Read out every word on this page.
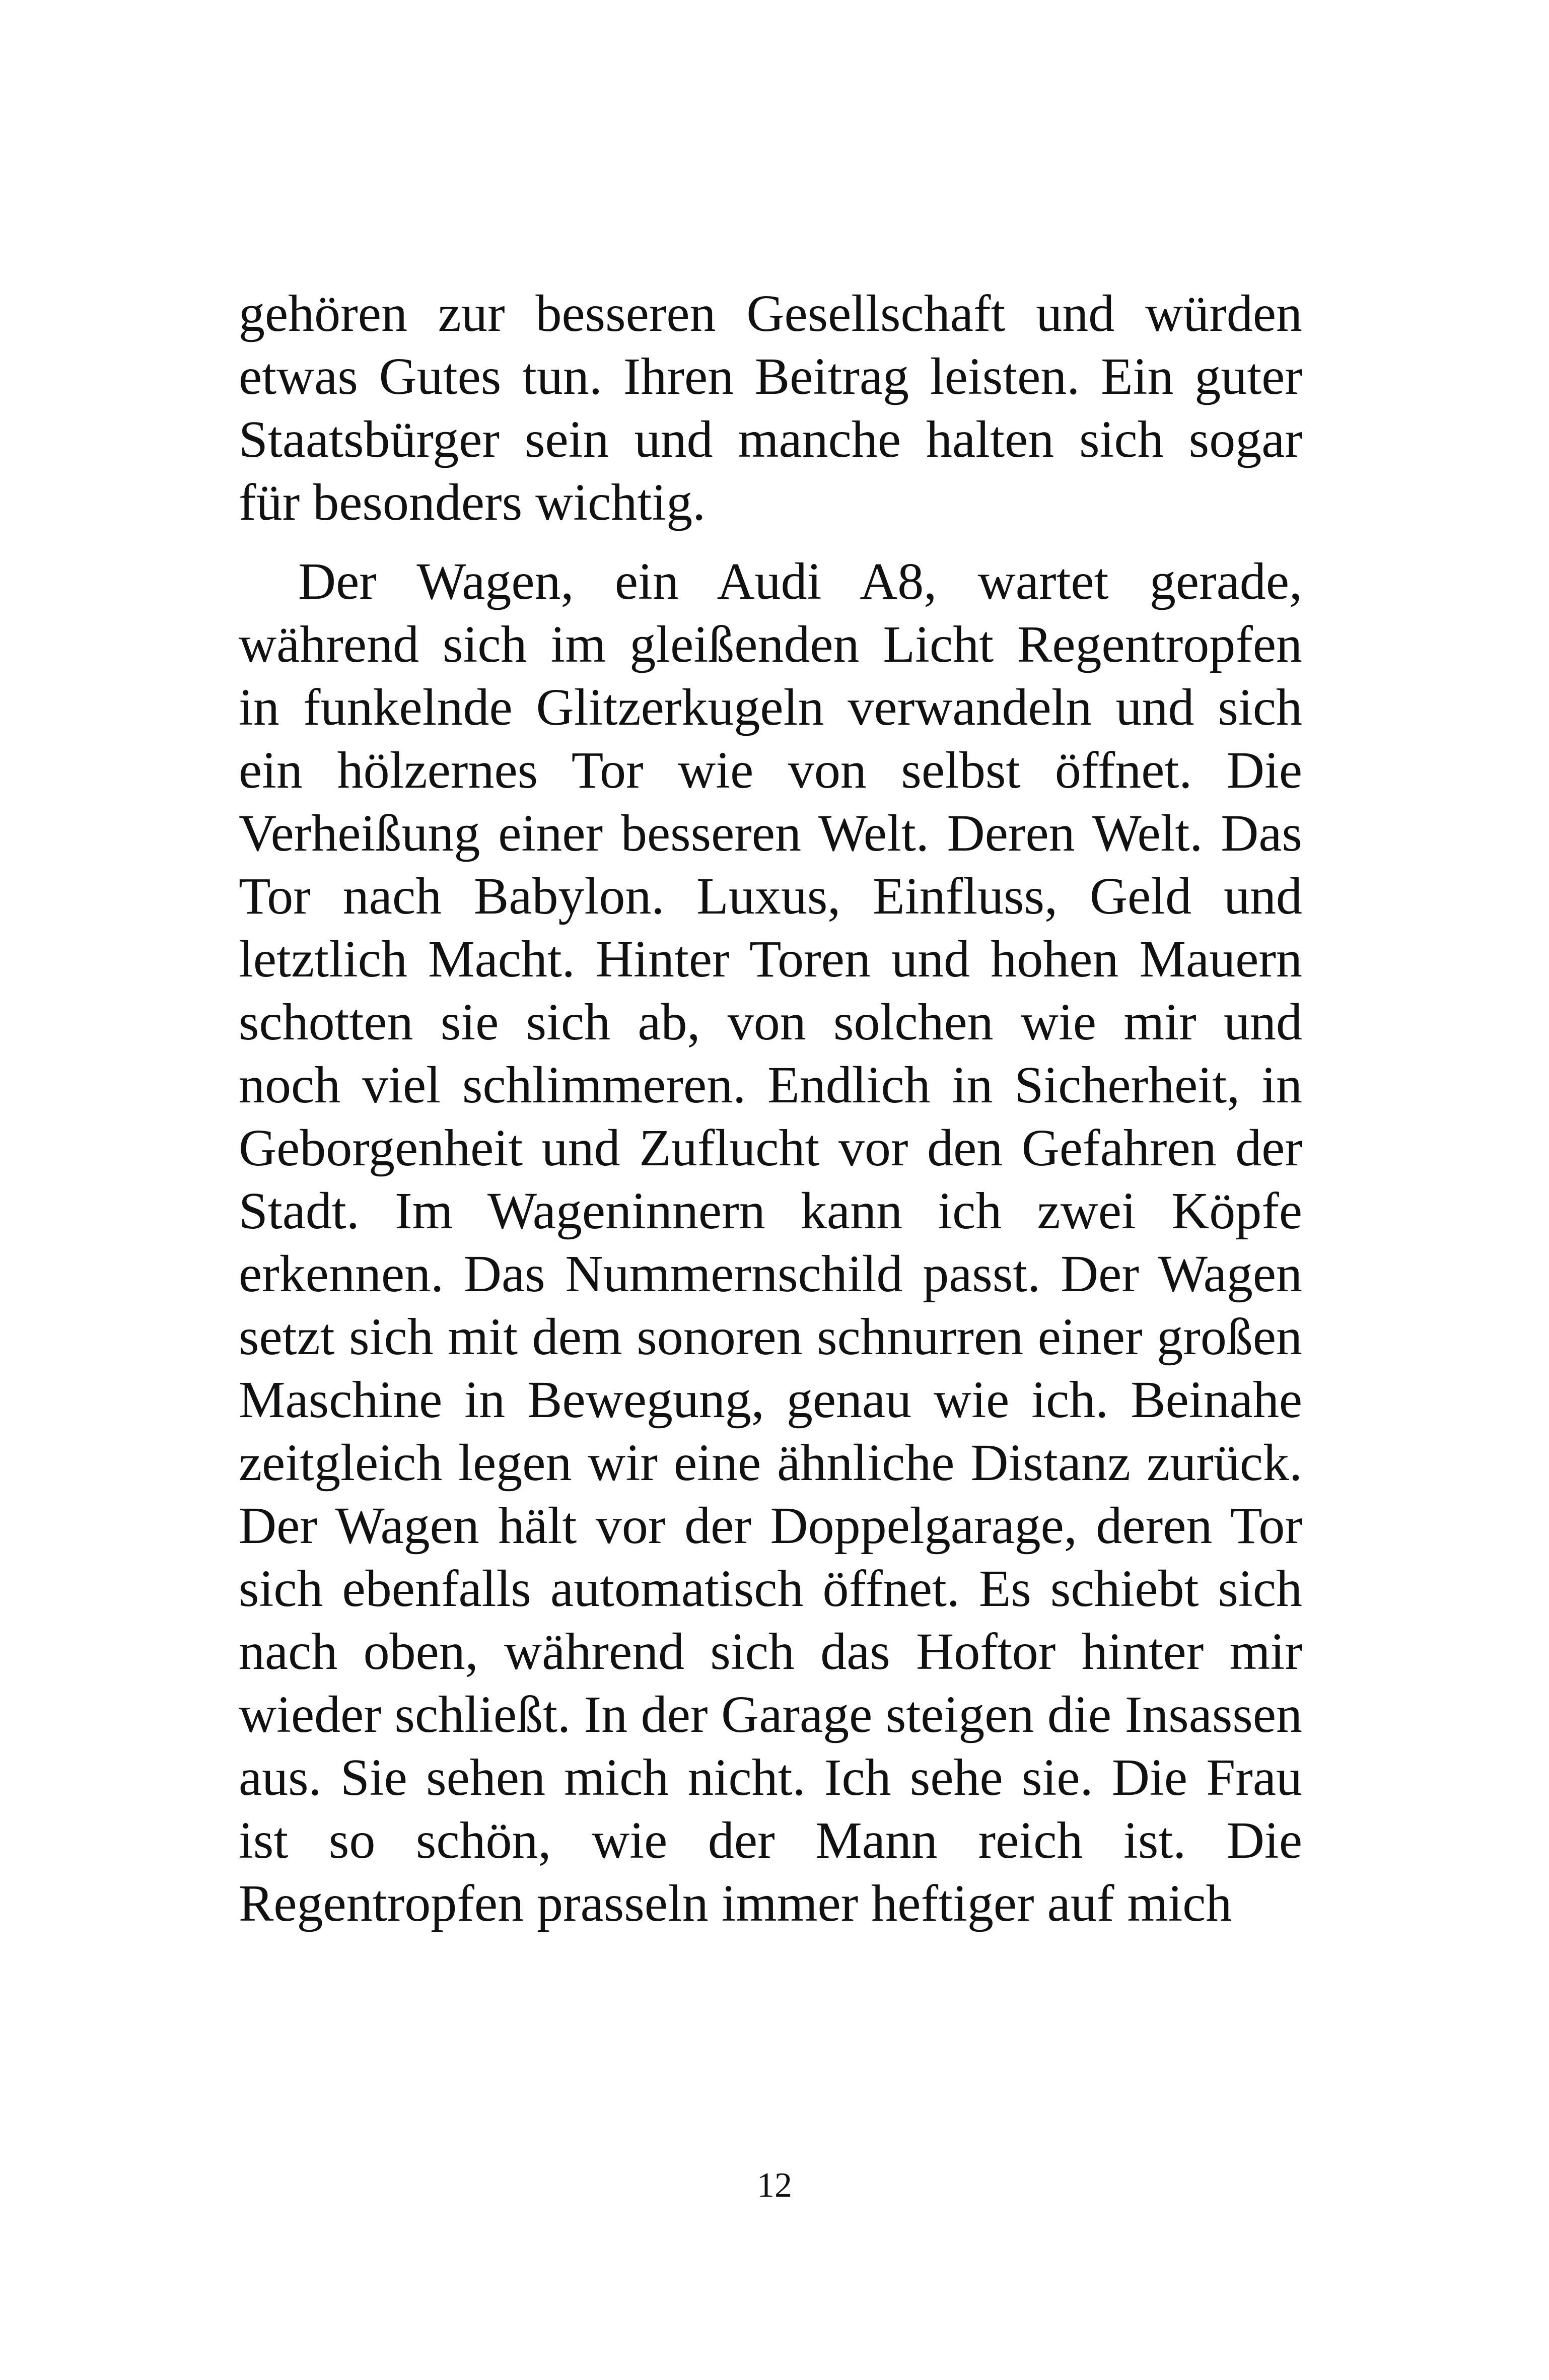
gehören zur besseren Gesellschaft und würden etwas Gutes tun. Ihren Beitrag leisten. Ein guter Staatsbürger sein und manche halten sich sogar für besonders wichtig.

Der Wagen, ein Audi A8, wartet gerade, während sich im gleißenden Licht Regentropfen in funkelnde Glitzerkugeln verwandeln und sich ein hölzernes Tor wie von selbst öffnet. Die Verheißung einer besseren Welt. Deren Welt. Das Tor nach Babylon. Luxus, Einfluss, Geld und letztlich Macht. Hinter Toren und hohen Mauern schotten sie sich ab, von solchen wie mir und noch viel schlimmeren. Endlich in Sicherheit, in Geborgenheit und Zuflucht vor den Gefahren der Stadt. Im Wageninnern kann ich zwei Köpfe erkennen. Das Nummernschild passt. Der Wagen setzt sich mit dem sonoren schnurren einer großen Maschine in Bewegung, genau wie ich. Beinahe zeitgleich legen wir eine ähnliche Distanz zurück. Der Wagen hält vor der Doppelgarage, deren Tor sich ebenfalls automatisch öffnet. Es schiebt sich nach oben, während sich das Hoftor hinter mir wieder schließt. In der Garage steigen die Insassen aus. Sie sehen mich nicht. Ich sehe sie. Die Frau ist so schön, wie der Mann reich ist. Die Regentropfen prasseln immer heftiger auf mich

12
